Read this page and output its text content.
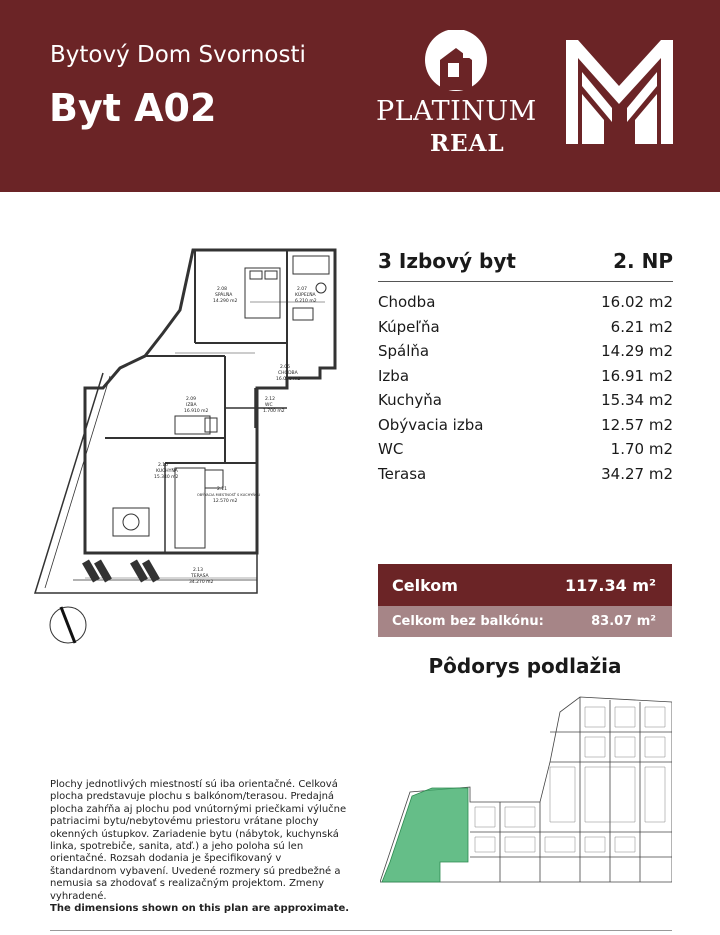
Bytový Dom Svornosti
Byt A02	PLATINUM
REAL
2.08
SPÁLŇA
14.290 m2
2.07
KÚPEĽŇA
6.210 m2
2.06
CHODBA
16.020 m2
2.09
IZBA
16.910 m2
2.12
WC
1.700 m2
2.10
KUCHYŇA
15.340 m2
2.11
OBÝVACIA MIESTNOSŤ S KUCHYŇOU
12.570 m2
2.13
TERASA
34.270 m2
3 Izbový byt	2. NP
Chodba	16.02 m2
Kúpeľňa	6.21 m2
Spálňa	14.29 m2
Izba	16.91 m2
Kuchyňa	15.34 m2
Obývacia izba	12.57 m2
WC	1.70 m2
Terasa	34.27 m2
Celkom	117.34 m²
Celkom bez balkónu:	83.07 m²
Pôdorys podlažia
Plochy jednotlivých miestností sú iba orientačné. Celková plocha predstavuje plochu s balkónom/terasou. Predajná plocha zahŕňa aj plochu pod vnútornými priečkami výlučne patriacimi bytu/nebytovému priestoru vrátane plochy okenných ústupkov. Zariadenie bytu (nábytok, kuchynská linka, spotrebiče, sanita, atď.) a jeho poloha sú len orientačné. Rozsah dodania je špecifikovaný v štandardnom vybavení. Uvedené rozmery sú predbežné a nemusia sa zhodovať s realizačným projektom. Zmeny vyhradené.
The dimensions shown on this plan are approximate.
